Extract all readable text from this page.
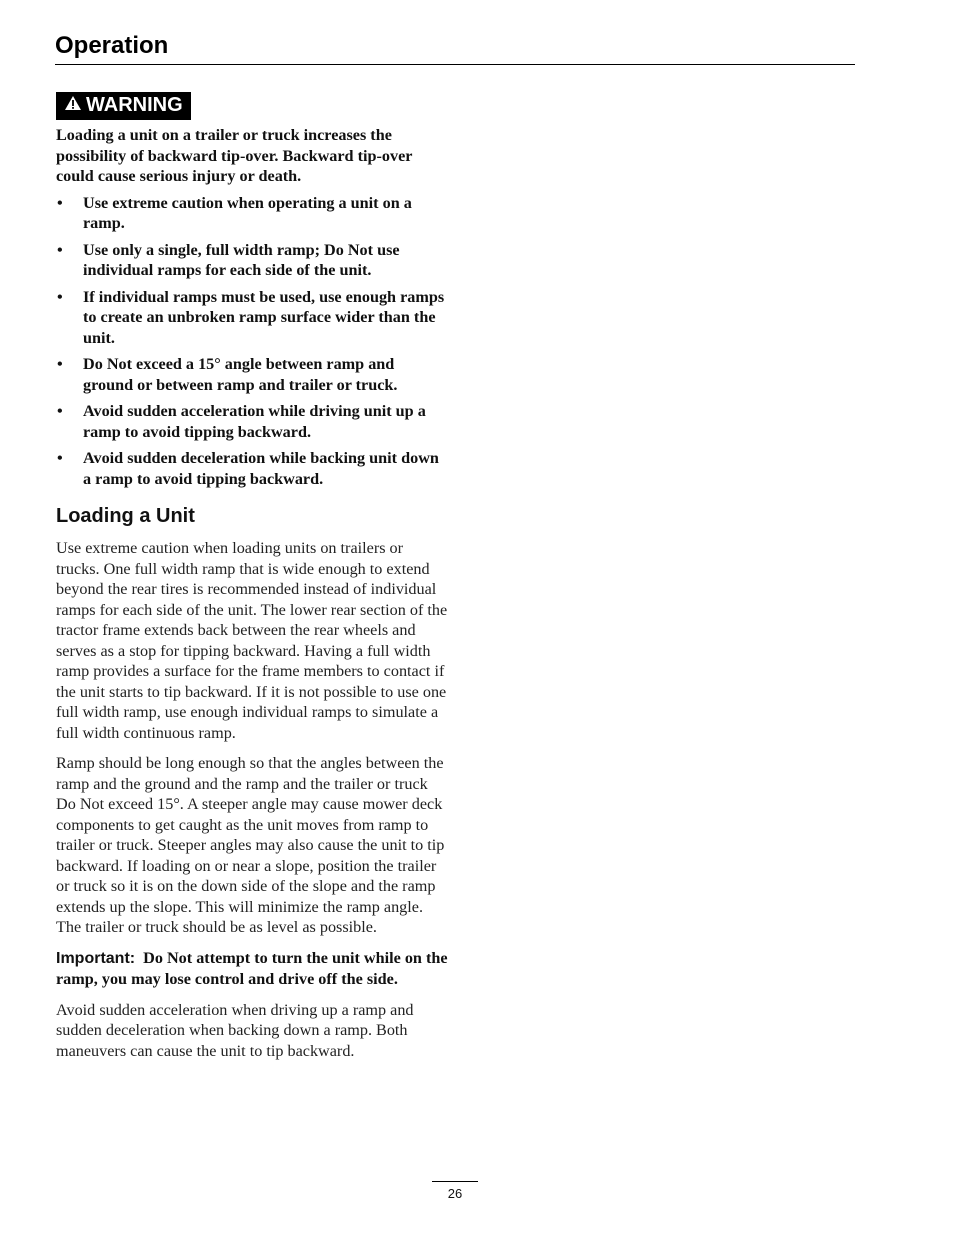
Operation
WARNING

Loading a unit on a trailer or truck increases the possibility of backward tip-over. Backward tip-over could cause serious injury or death.

• Use extreme caution when operating a unit on a ramp.
• Use only a single, full width ramp; Do Not use individual ramps for each side of the unit.
• If individual ramps must be used, use enough ramps to create an unbroken ramp surface wider than the unit.
• Do Not exceed a 15° angle between ramp and ground or between ramp and trailer or truck.
• Avoid sudden acceleration while driving unit up a ramp to avoid tipping backward.
• Avoid sudden deceleration while backing unit down a ramp to avoid tipping backward.
Loading a Unit

Use extreme caution when loading units on trailers or trucks. One full width ramp that is wide enough to extend beyond the rear tires is recommended instead of individual ramps for each side of the unit. The lower rear section of the tractor frame extends back between the rear wheels and serves as a stop for tipping backward. Having a full width ramp provides a surface for the frame members to contact if the unit starts to tip backward. If it is not possible to use one full width ramp, use enough individual ramps to simulate a full width continuous ramp.

Ramp should be long enough so that the angles between the ramp and the ground and the ramp and the trailer or truck Do Not exceed 15°. A steeper angle may cause mower deck components to get caught as the unit moves from ramp to trailer or truck. Steeper angles may also cause the unit to tip backward. If loading on or near a slope, position the trailer or truck so it is on the down side of the slope and the ramp extends up the slope. This will minimize the ramp angle. The trailer or truck should be as level as possible.

Important: Do Not attempt to turn the unit while on the ramp, you may lose control and drive off the side.

Avoid sudden acceleration when driving up a ramp and sudden deceleration when backing down a ramp. Both maneuvers can cause the unit to tip backward.

26
